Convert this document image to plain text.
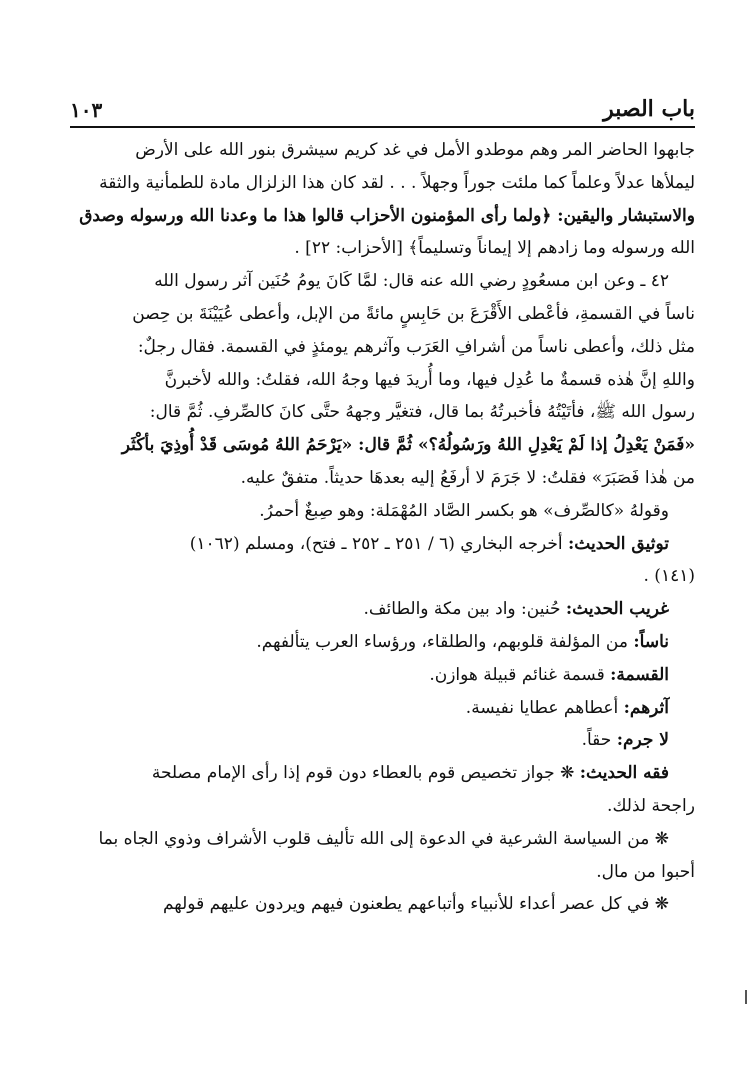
باب الصبر
١٠٣

جابهوا الحاضر المر وهم موطدو الأمل في غد كريم سيشرق بنور الله على الأرض

ليملأها عدلاً وعلماً كما ملئت جوراً وجهلاً . . . لقد كان هذا الزلزال مادة للطمأنية والثقة

والاستبشار واليقين: ﴿ولما رأى المؤمنون الأحزاب قالوا هذا ما وعدنا الله ورسوله وصدق

الله ورسوله وما زادهم إلا إيماناً وتسليماً﴾ [الأحزاب: ٢٢] .

٤٢ ـ وعن ابن مسعُودٍ رضي الله عنه قال: لمَّا كَانَ يومُ حُنَين آثر رسول الله

ناساً في القسمةِ، فأعْطى الأَقْرَعَ بن حَابِسٍ مائةً من الإبل، وأعطى عُيَيْنَةَ بن حِصن

مثل ذلك، وأعطى ناساً من أشرافِ العَرَب وآثرهم يومئذٍ في القسمة. فقال رجلٌ:

واللهِ إنَّ هٰذه قسمةٌ ما عُدِل فيها، وما أُريدَ فيها وجهُ الله، فقلتُ: والله لأخبرنَّ

رسول الله ﷺ، فأتَيْتُهُ فأخبرتُهُ بما قال، فتغيَّر وجههُ حتَّى كانَ كالصِّرفِ. ثُمَّ قال:

«فَمَنْ يَعْدِلُ إذا لَمْ يَعْدِلِ اللهُ ورَسُولُهُ؟» ثُمَّ قال: «يَرْحَمُ اللهُ مُوسَى قَدْ أُوذِيَ بأكْثَر

من هٰذا فَصَبَرَ» فقلتُ: لا جَرَمَ لا أرفَعُ إليه بعدهَا حديثاً. متفقٌ عليه.

وقولهُ «كالصِّرف» هو بكسر الصَّاد المُهْمَلة: وهو صِبغٌ أحمرُ.

توثيق الحديث: أخرجه البخاري (٦ / ٢٥١ ـ ٢٥٢ ـ فتح)، ومسلم (١٠٦٢)

(١٤١) .

غريب الحديث: حُنين: واد بين مكة والطائف.

ناساً: من المؤلفة قلوبهم، والطلقاء، ورؤساء العرب يتألفهم.

القسمة: قسمة غنائم قبيلة هوازن.

آثرهم: أعطاهم عطايا نفيسة.

لا جرم: حقاً.

فقه الحديث: ❋ جواز تخصيص قوم بالعطاء دون قوم إذا رأى الإمام مصلحة

راجحة لذلك.

❋ من السياسة الشرعية في الدعوة إلى الله تأليف قلوب الأشراف وذوي الجاه بما

أحبوا من مال.

❋ في كل عصر أعداء للأنبياء وأتباعهم يطعنون فيهم ويردون عليهم قولهم
